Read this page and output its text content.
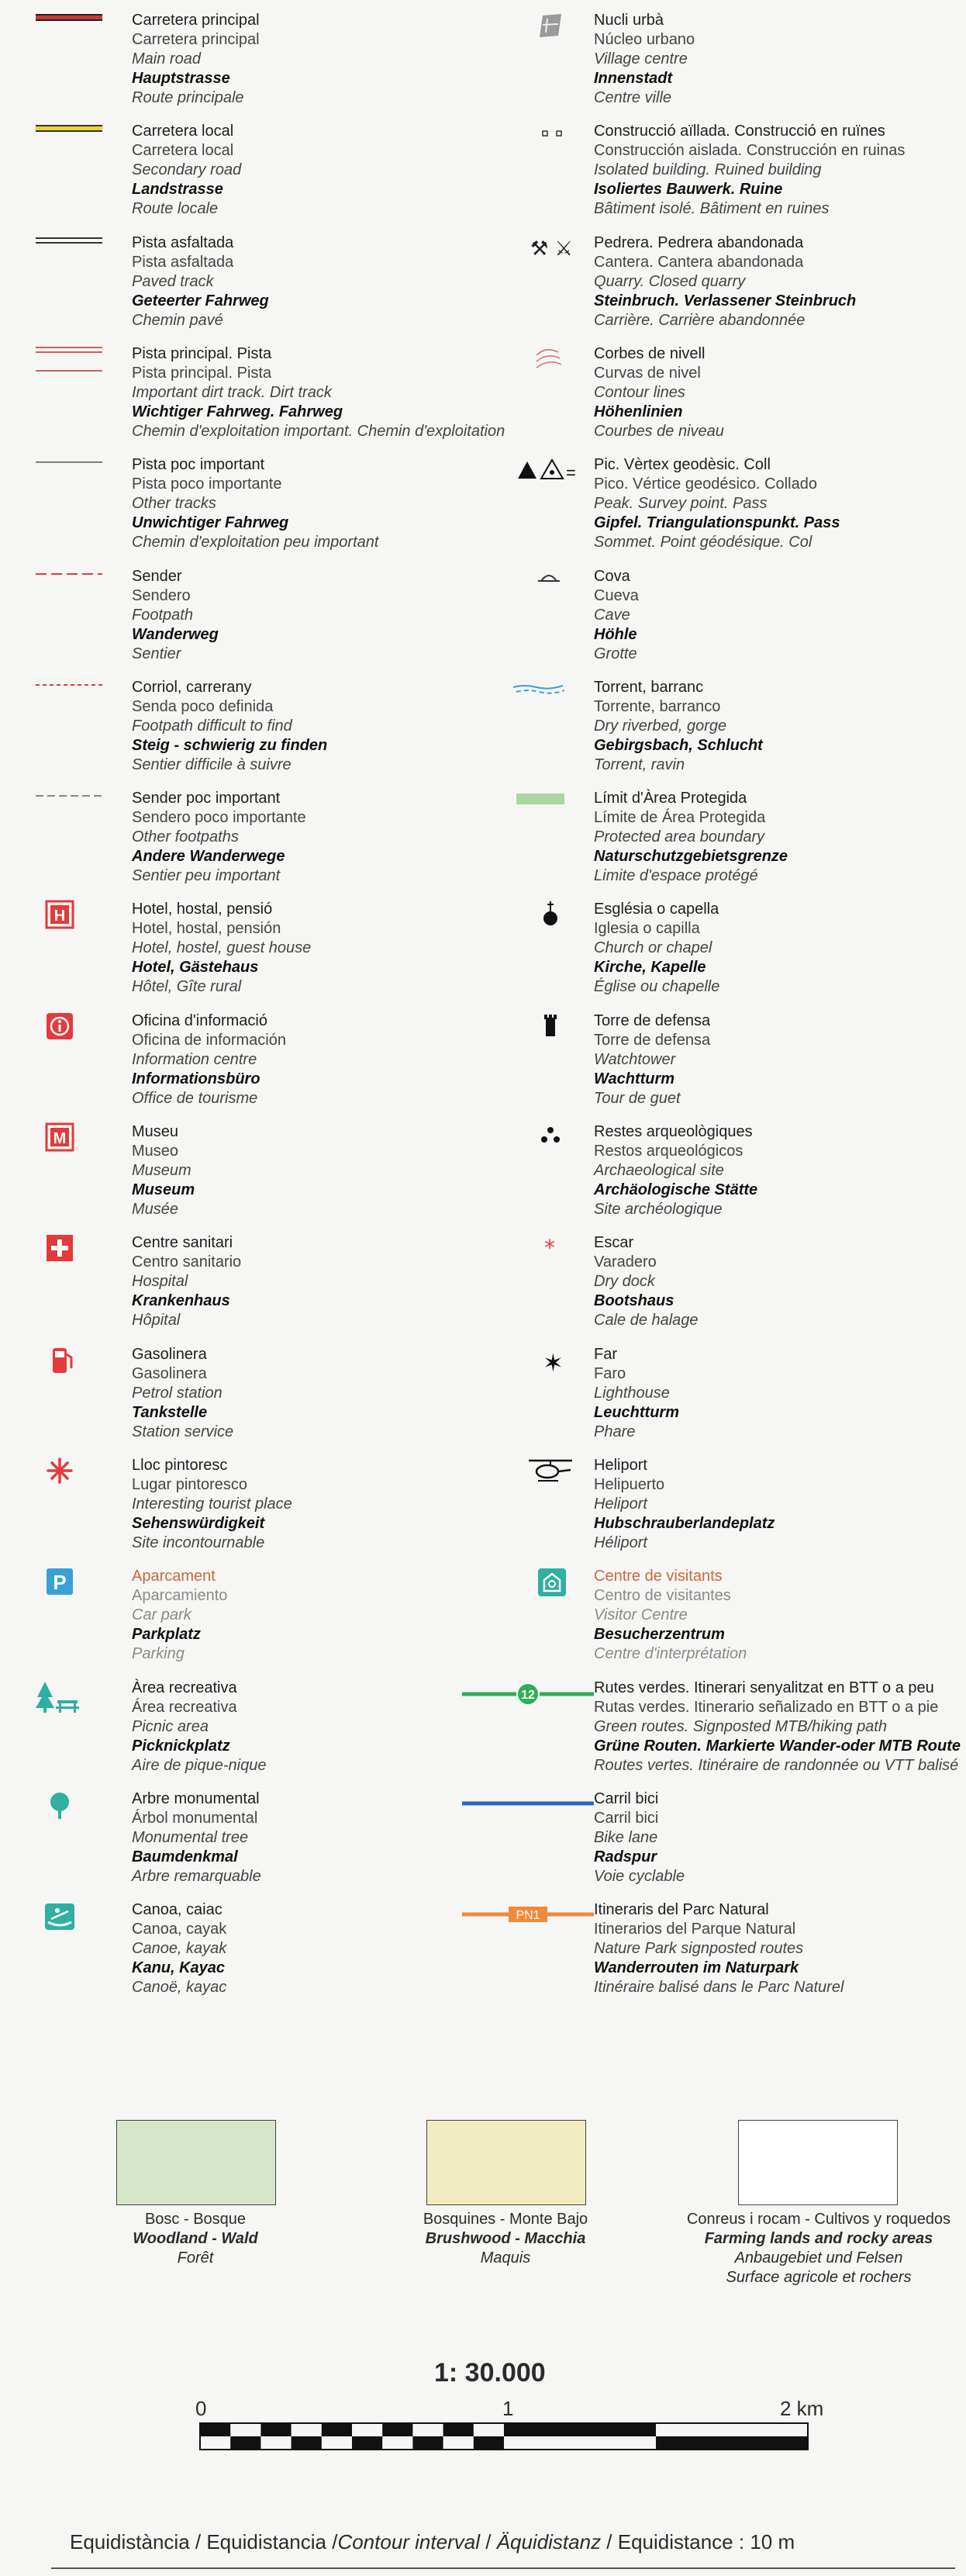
Carretera principal
Carretera principal
Main road
Hauptstrasse
Route principale
Carretera local
Carretera local
Secondary road
Landstrasse
Route locale
Pista asfaltada
Pista asfaltada
Paved track
Geteerter Fahrweg
Chemin pavé
Pista principal. Pista
Pista principal. Pista
Important dirt track. Dirt track
Wichtiger Fahrweg. Fahrweg
Chemin d'exploitation important. Chemin d'exploitation
Pista poc important
Pista poco importante
Other tracks
Unwichtiger Fahrweg
Chemin d'exploitation peu important
Sender
Sendero
Footpath
Wanderweg
Sentier
Corriol, carrerany
Senda poco definida
Footpath difficult to find
Steig - schwierig zu finden
Sentier difficile à suivre
Sender poc important
Sendero poco importante
Other footpaths
Andere Wanderwege
Sentier peu important
H	Hotel, hostal, pensió
Hotel, hostal, pensión
Hotel, hostel, guest house
Hotel, Gästehaus
Hôtel, Gîte rural
Oficina d'informació
Oficina de información
Information centre
Informationsbüro
Office de tourisme
M	Museu
Museo
Museum
Museum
Musée
Centre sanitari
Centro sanitario
Hospital
Krankenhaus
Hôpital
Gasolinera
Gasolinera
Petrol station
Tankstelle
Station service
Lloc pintoresc
Lugar pintoresco
Interesting tourist place
Sehenswürdigkeit
Site incontournable
P	Aparcament
Aparcamiento
Car park
Parkplatz
Parking
Àrea recreativa
Área recreativa
Picnic area
Picknickplatz
Aire de pique-nique
Arbre monumental
Árbol monumental
Monumental tree
Baumdenkmal
Arbre remarquable
Canoa, caiac
Canoa, cayak
Canoe, kayak
Kanu, Kayac
Canoë, kayac
Nucli urbà
Núcleo urbano
Village centre
Innenstadt
Centre ville
Construcció aïllada. Construcció en ruïnes
Construcción aislada. Construcción en ruinas
Isolated building. Ruined building
Isoliertes Bauwerk. Ruine
Bâtiment isolé. Bâtiment en ruines
⚒ ⚔ Pedrera. Pedrera abandonada
Cantera. Cantera abandonada
Quarry. Closed quarry
Steinbruch. Verlassener Steinbruch
Carrière. Carrière abandonnée
Corbes de nivell
Curvas de nivel
Contour lines
Höhenlinien
Courbes de niveau
= Pic. Vèrtex geodèsic. Coll
Pico. Vértice geodésico. Collado
Peak. Survey point. Pass
Gipfel. Triangulationspunkt. Pass
Sommet. Point géodésique. Col
Cova
Cueva
Cave
Höhle
Grotte
Torrent, barranc
Torrente, barranco
Dry riverbed, gorge
Gebirgsbach, Schlucht
Torrent, ravin
Límit d'Àrea Protegida
Límite de Área Protegida
Protected area boundary
Naturschutzgebietsgrenze
Limite d'espace protégé
Església o capella
Iglesia o capilla
Church or chapel
Kirche, Kapelle
Église ou chapelle
Torre de defensa
Torre de defensa
Watchtower
Wachtturm
Tour de guet
Restes arqueològiques
Restos arqueológicos
Archaeological site
Archäologische Stätte
Site archéologique
*	Escar
Varadero
Dry dock
Bootshaus
Cale de halage
✶ Far
Faro
Lighthouse
Leuchtturm
Phare
Heliport
Helipuerto
Heliport
Hubschrauberlandeplatz
Héliport
Centre de visitants
Centro de visitantes
Visitor Centre
Besucherzentrum
Centre d'interprétation
12	Rutes verdes. Itinerari senyalitzat en BTT o a peu
Rutas verdes. Itinerario señalizado en BTT o a pie
Green routes. Signposted MTB/hiking path
Grüne Routen. Markierte Wander-oder MTB Route
Routes vertes. Itinéraire de randonnée ou VTT balisé
Carril bici
Carril bici
Bike lane
Radspur
Voie cyclable
PN1	Itineraris del Parc Natural
Itinerarios del Parque Natural
Nature Park signposted routes
Wanderrouten im Naturpark
Itinéraire balisé dans le Parc Naturel
Bosc - Bosque
Woodland - Wald
Forêt
Bosquines - Monte Bajo
Brushwood - Macchia
Maquis
Conreus i rocam - Cultivos y roquedos
Farming lands and rocky areas
Anbaugebiet und Felsen
Surface agricole et rochers
1: 30.000
0	1	2 km
Equidistància / Equidistancia /Contour interval / Äquidistanz / Equidistance : 10 m
